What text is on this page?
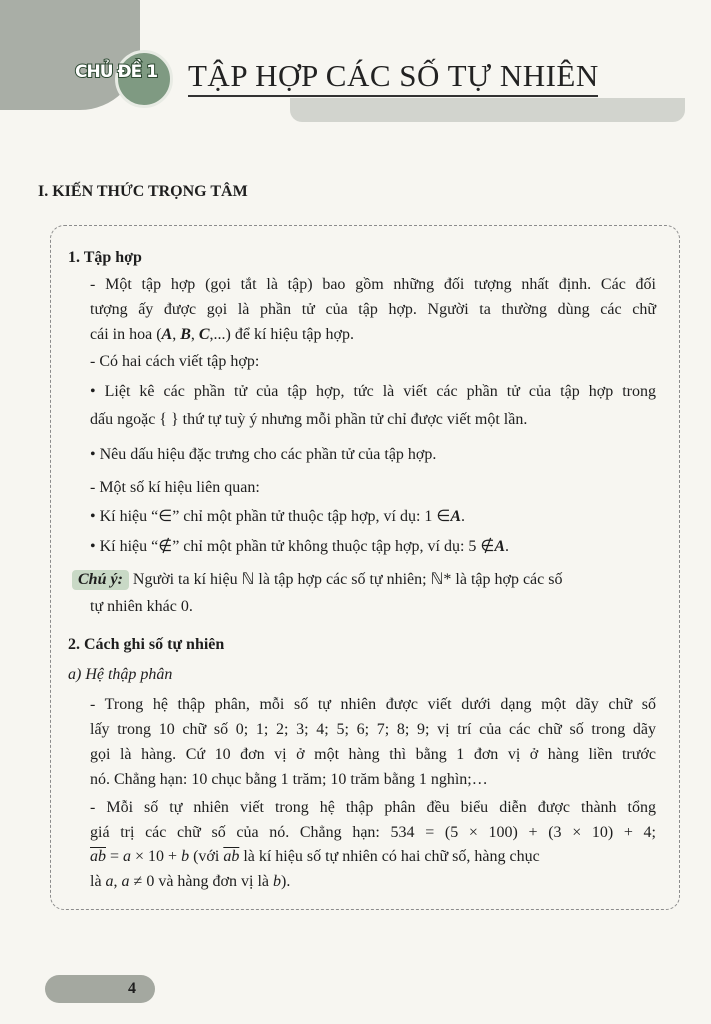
CHỦ ĐỀ 1 TẬP HỢP CÁC SỐ TỰ NHIÊN
I. KIẾN THỨC TRỌNG TÂM
1. Tập hợp
- Một tập hợp (gọi tắt là tập) bao gồm những đối tượng nhất định. Các đối
tượng ấy được gọi là phần tử của tập hợp. Người ta thường dùng các chữ
cái in hoa (A, B, C,...) để kí hiệu tập hợp.
- Có hai cách viết tập hợp:
• Liệt kê các phần tử của tập hợp, tức là viết các phần tử của tập hợp trong
dấu ngoặc { } thứ tự tuỳ ý nhưng mỗi phần tử chỉ được viết một lần.
• Nêu dấu hiệu đặc trưng cho các phần tử của tập hợp.
- Một số kí hiệu liên quan:
• Kí hiệu “∈” chỉ một phần tử thuộc tập hợp, ví dụ: 1 ∈A.
• Kí hiệu “∉” chỉ một phần tử không thuộc tập hợp, ví dụ: 5 ∉A.
Chú ý: Người ta kí hiệu ℕ là tập hợp các số tự nhiên; ℕ* là tập hợp các số
tự nhiên khác 0.
2. Cách ghi số tự nhiên
a) Hệ thập phân
- Trong hệ thập phân, mỗi số tự nhiên được viết dưới dạng một dãy chữ số
lấy trong 10 chữ số 0; 1; 2; 3; 4; 5; 6; 7; 8; 9; vị trí của các chữ số trong dãy
gọi là hàng. Cứ 10 đơn vị ở một hàng thì bằng 1 đơn vị ở hàng liền trước
nó. Chẳng hạn: 10 chục bằng 1 trăm; 10 trăm bằng 1 nghìn;…
- Mỗi số tự nhiên viết trong hệ thập phân đều biểu diễn được thành tổng
giá trị các chữ số của nó. Chẳng hạn: 534 = (5 × 100) + (3 × 10) + 4;
$\overline{ab} = a \times 10 + b$ (với $\overline{ab}$ là kí hiệu số tự nhiên có hai chữ số, hàng chục
là a, a ≠ 0 và hàng đơn vị là b).
4
